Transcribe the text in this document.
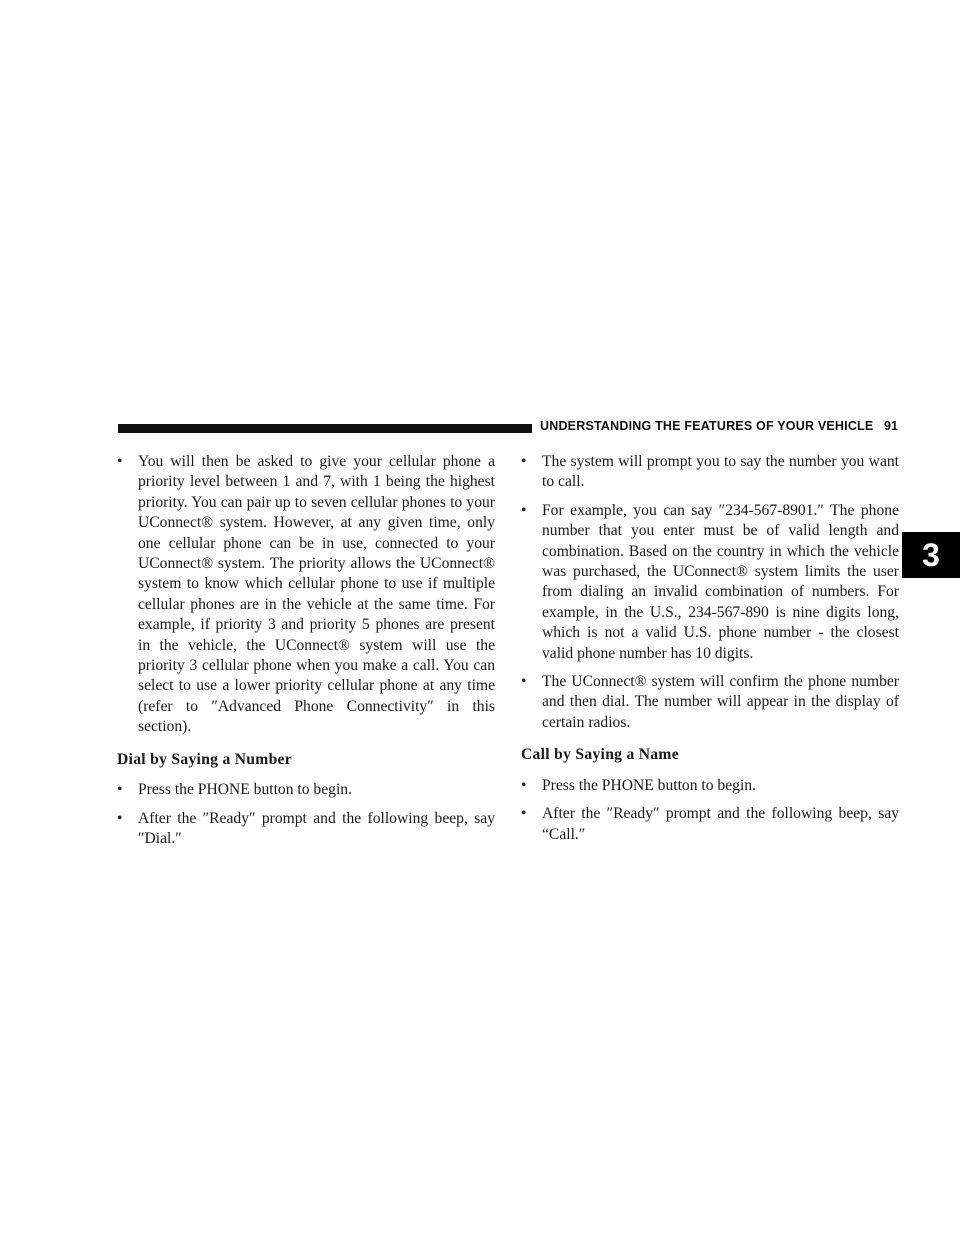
UNDERSTANDING THE FEATURES OF YOUR VEHICLE 91
3

• You will then be asked to give your cellular phone a priority level between 1 and 7, with 1 being the highest priority. You can pair up to seven cellular phones to your UConnect® system. However, at any given time, only one cellular phone can be in use, connected to your UConnect® system. The priority allows the UConnect® system to know which cellular phone to use if multiple cellular phones are in the vehicle at the same time. For example, if priority 3 and priority 5 phones are present in the vehicle, the UConnect® system will use the priority 3 cellular phone when you make a call. You can select to use a lower priority cellular phone at any time (refer to ″Advanced Phone Connectivity″ in this section).

Dial by Saying a Number

• Press the PHONE button to begin.

• After the ″Ready″ prompt and the following beep, say ″Dial.″

• The system will prompt you to say the number you want to call.

• For example, you can say ″234-567-8901.″ The phone number that you enter must be of valid length and combination. Based on the country in which the vehicle was purchased, the UConnect® system limits the user from dialing an invalid combination of numbers. For example, in the U.S., 234-567-890 is nine digits long, which is not a valid U.S. phone number - the closest valid phone number has 10 digits.

• The UConnect® system will confirm the phone number and then dial. The number will appear in the display of certain radios.

Call by Saying a Name

• Press the PHONE button to begin.

• After the ″Ready″ prompt and the following beep, say “Call.″
